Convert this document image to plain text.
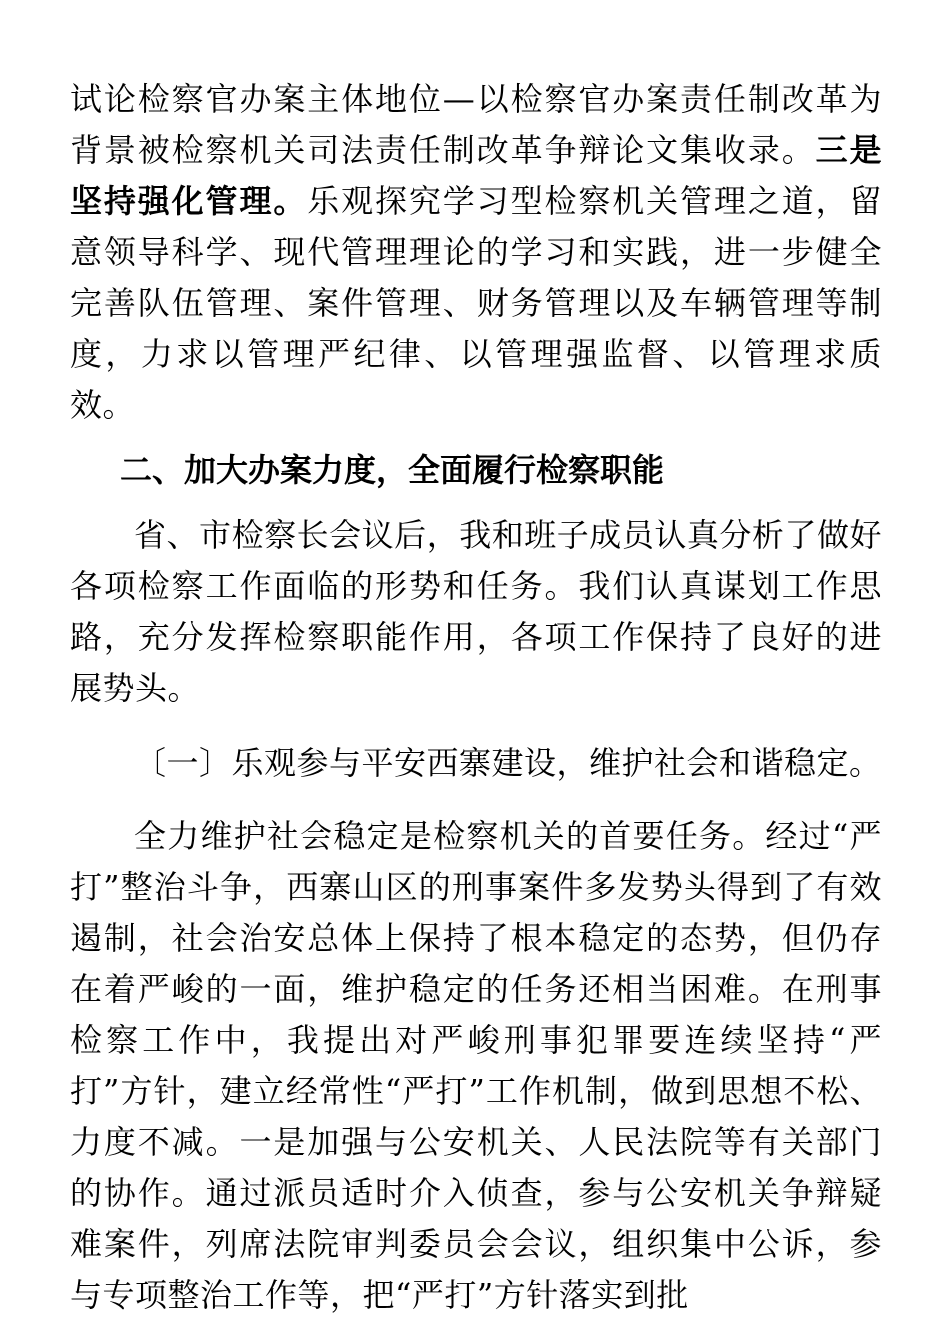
试论检察官办案主体地位—以检察官办案责任制改革为背景被检察机关司法责任制改革争辩论文集收录。三是坚持强化管理。乐观探究学习型检察机关管理之道，留意领导科学、现代管理理论的学习和实践，进一步健全完善队伍管理、案件管理、财务管理以及车辆管理等制度，力求以管理严纪律、以管理强监督、以管理求质效。

二、加大办案力度，全面履行检察职能

省、市检察长会议后，我和班子成员认真分析了做好各项检察工作面临的形势和任务。我们认真谋划工作思路，充分发挥检察职能作用，各项工作保持了良好的进展势头。

〔一〕乐观参与平安西寨建设，维护社会和谐稳定。

全力维护社会稳定是检察机关的首要任务。经过“严打”整治斗争，西寨山区的刑事案件多发势头得到了有效遏制，社会治安总体上保持了根本稳定的态势，但仍存在着严峻的一面，维护稳定的任务还相当困难。在刑事检察工作中，我提出对严峻刑事犯罪要连续坚持“严打”方针，建立经常性“严打”工作机制，做到思想不松、力度不减。一是加强与公安机关、人民法院等有关部门的协作。通过派员适时介入侦查，参与公安机关争辩疑难案件，列席法院审判委员会会议，组织集中公诉，参与专项整治工作等，把“严打”方针落实到批
